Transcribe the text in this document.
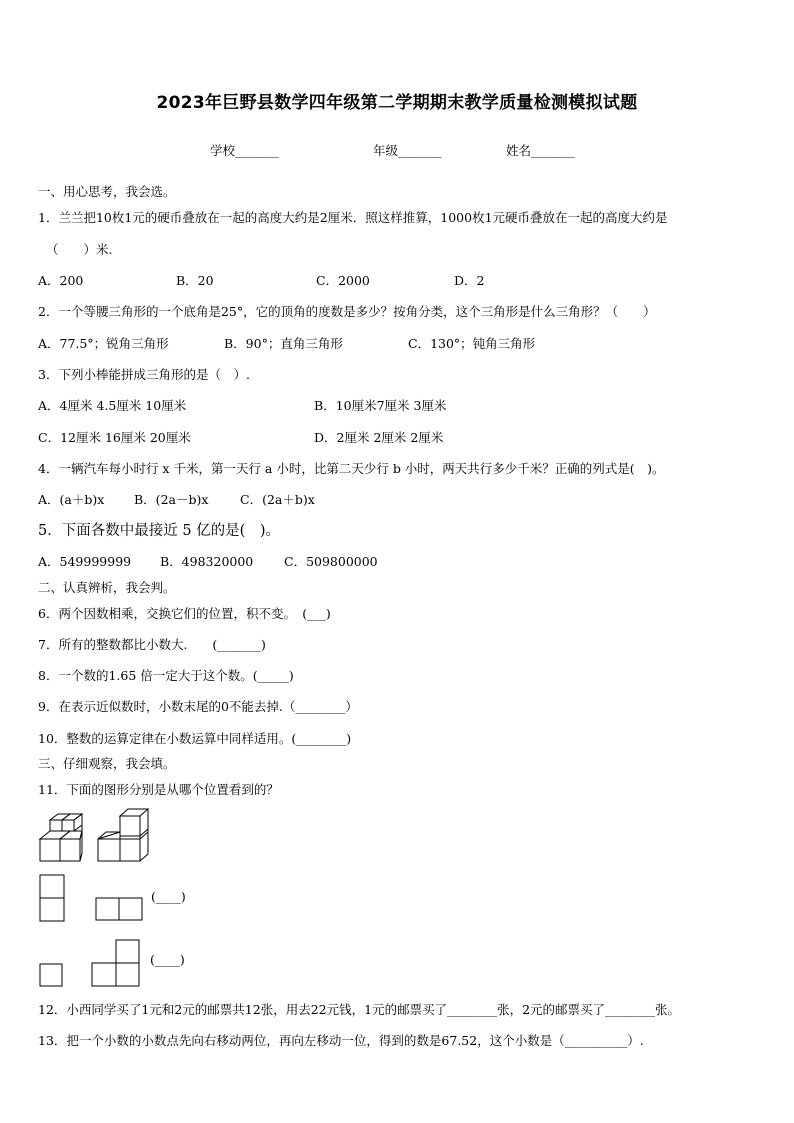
2023年巨野县数学四年级第二学期期末教学质量检测模拟试题
学校_______	年级_______	姓名_______
一、用心思考，我会选。
1．兰兰把10枚1元的硬币叠放在一起的高度大约是2厘米．照这样推算，1000枚1元硬币叠放在一起的高度大约是
（　　）米.
A．200	B．20	C．2000	D．2
2．一个等腰三角形的一个底角是25°，它的顶角的度数是多少？按角分类，这个三角形是什么三角形？（　　）
A．77.5°；锐角三角形	B．90°；直角三角形	C．130°；钝角三角形
3．下列小棒能拼成三角形的是（　）.
A．4厘米 4.5厘米 10厘米	B．10厘米7厘米 3厘米
C．12厘米 16厘米 20厘米	D．2厘米 2厘米 2厘米
4．一辆汽车每小时行 x 千米，第一天行 a 小时，比第二天少行 b 小时，两天共行多少千米？正确的列式是(　)。
A．(a＋b)x B．(2a－b)x	C．(2a＋b)x
5．下面各数中最接近 5 亿的是(　)。
A．549999999 B．498320000 C．509800000
二、认真辨析，我会判。
6．两个因数相乘，交换它们的位置，积不变。　(___)
7．所有的整数都比小数大.　　(_______)
8．一个数的1.65 倍一定大于这个数。(_____)
9．在表示近似数时，小数末尾的0不能去掉.（________）
10．整数的运算定律在小数运算中同样适用。(________)
三、仔细观察，我会填。
11．下面的图形分别是从哪个位置看到的？
(____)
(____)
12．小西同学买了1元和2元的邮票共12张，用去22元钱，1元的邮票买了________张，2元的邮票买了________张。
13．把一个小数的小数点先向右移动两位，再向左移动一位，得到的数是67.52，这个小数是（__________）.
